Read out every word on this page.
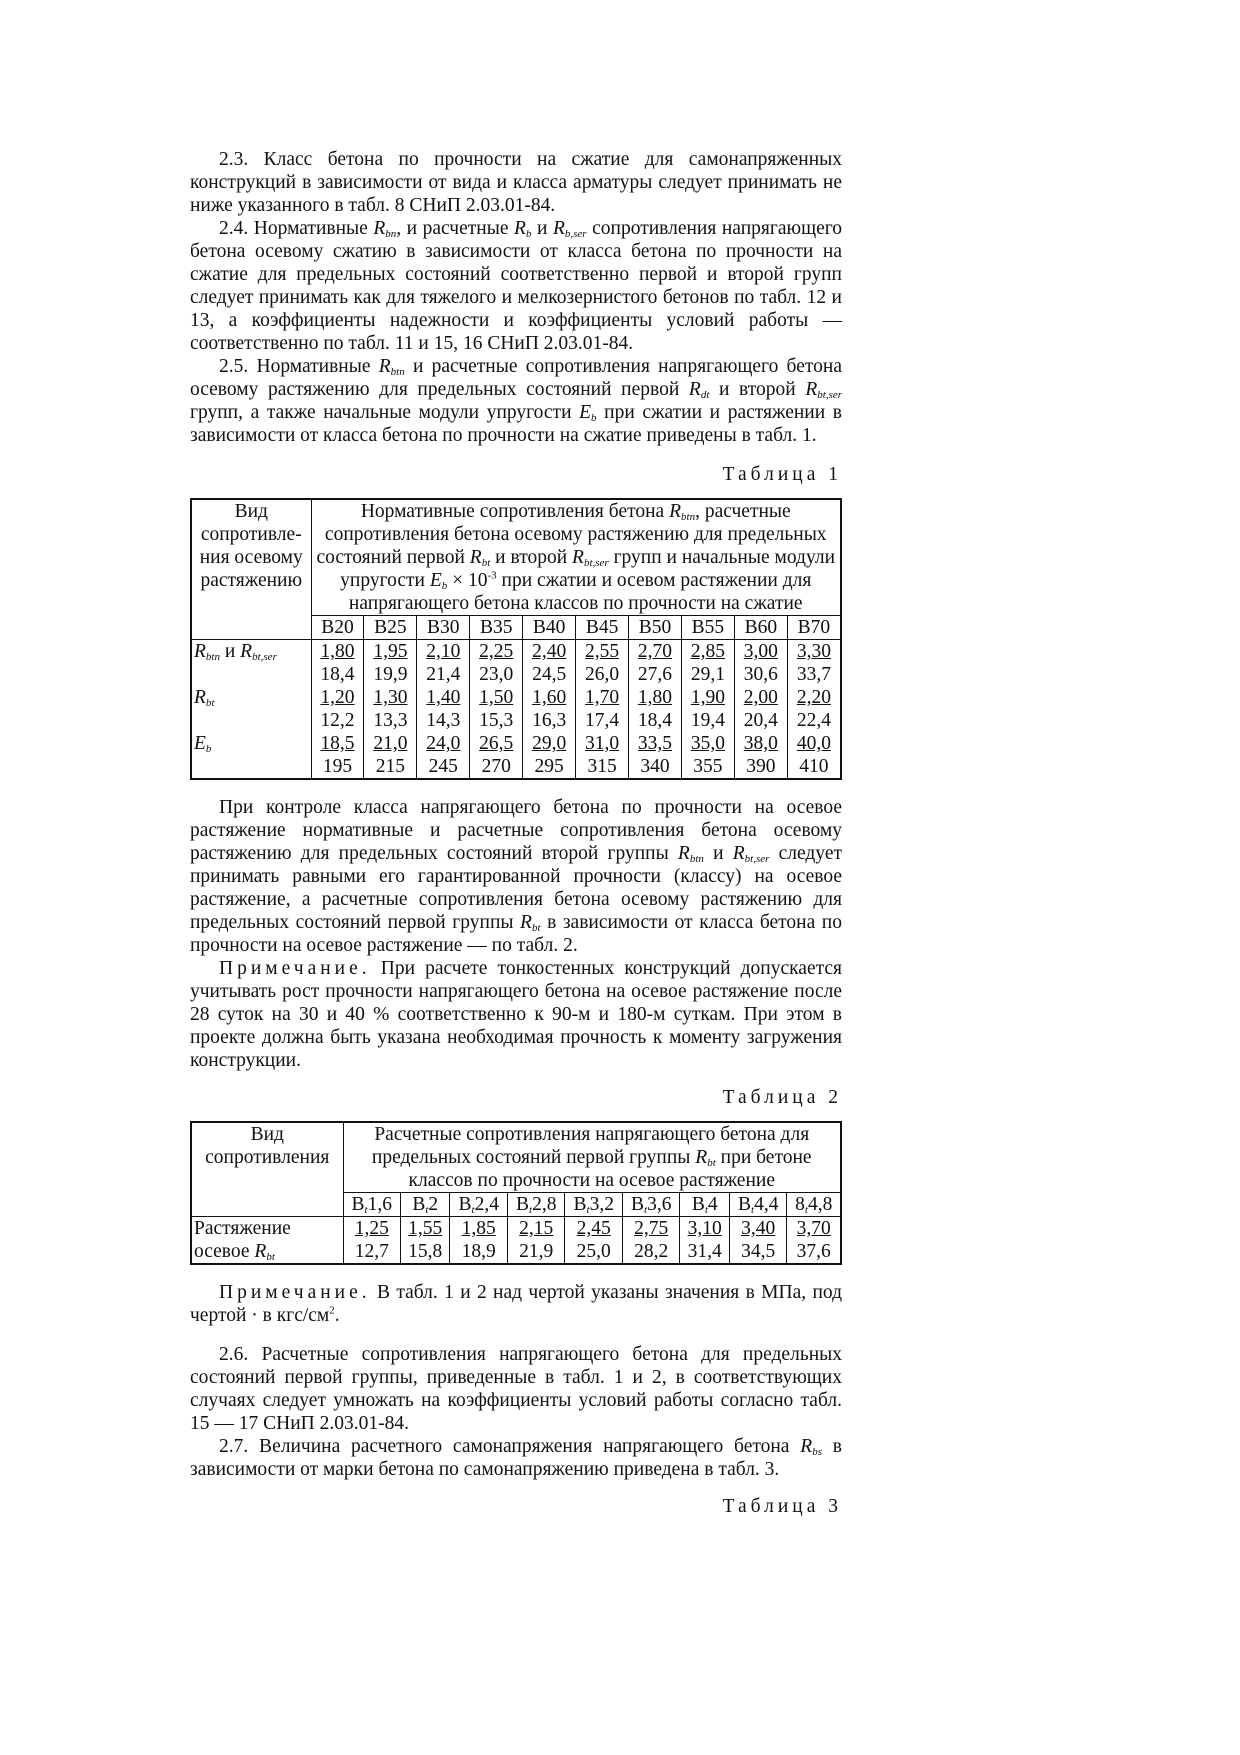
2.3. Класс бетона по прочности на сжатие для самонапряженных конструкций в зависимости от вида и класса арматуры следует принимать не ниже указанного в табл. 8 СНиП 2.03.01-84.

2.4. Нормативные $R_{bn}$, и расчетные $R_b$ и $R_{b,ser}$ сопротивления напрягающего бетона осевому сжатию в зависимости от класса бетона по прочности на сжатие для предельных состояний соответственно первой и второй групп следует принимать как для тяжелого и мелкозернистого бетонов по табл. 12 и 13, а коэффициенты надежности и коэффициенты условий работы — соответственно по табл. 11 и 15, 16 СНиП 2.03.01-84.

2.5. Нормативные $R_{btn}$ и расчетные сопротивления напрягающего бетона осевому растяжению для предельных состояний первой $R_{dt}$ и второй $R_{bt,ser}$ групп, а также начальные модули упругости $E_b$ при сжатии и растяжении в зависимости от класса бетона по прочности на сжатие приведены в табл. 1.

Таблица 1
Вид сопротивле-ния осевому растяжению	Нормативные сопротивления бетона $R_{btn}$, расчетные сопротивления бетона осевому растяжению для предельных состояний первой $R_{bt}$ и второй $R_{bt,ser}$ групп и начальные модули упругости $E_b \times 10^{-3}$ при сжатии и осевом растяжении для напрягающего бетона классов по прочности на сжатие									
	B20	B25	B30	B35	B40	B45	B50	B55	B60	B70
$R_{btn}$ и $R_{bt,ser}$	1,80	1,95	2,10	2,25	2,40	2,55	2,70	2,85	3,00	3,30
	18,4	19,9	21,4	23,0	24,5	26,0	27,6	29,1	30,6	33,7
$R_{bt}$	1,20	1,30	1,40	1,50	1,60	1,70	1,80	1,90	2,00	2,20
	12,2	13,3	14,3	15,3	16,3	17,4	18,4	19,4	20,4	22,4
$E_b$	18,5	21,0	24,0	26,5	29,0	31,0	33,5	35,0	38,0	40,0
	195	215	245	270	295	315	340	355	390	410

При контроле класса напрягающего бетона по прочности на осевое растяжение нормативные и расчетные сопротивления бетона осевому растяжению для предельных состояний второй группы $R_{btn}$ и $R_{bt,ser}$ следует принимать равными его гарантированной прочности (классу) на осевое растяжение, а расчетные сопротивления бетона осевому растяжению для предельных состояний первой группы $R_{bt}$ в зависимости от класса бетона по прочности на осевое растяжение — по табл. 2.

Примечание. При расчете тонкостенных конструкций допускается учитывать рост прочности напрягающего бетона на осевое растяжение после 28 суток на 30 и 40 % соответственно к 90-м и 180-м суткам. При этом в проекте должна быть указана необходимая прочность к моменту загружения конструкции.

Таблица 2
Вид сопротивления	Расчетные сопротивления напрягающего бетона для предельных состояний первой группы $R_{bt}$ при бетоне классов по прочности на осевое растяжение								
	$B_t1,6$	$B_t2$	$B_t2,4$	$B_t2,8$	$B_t3,2$	$B_t3,6$	$B_t4$	$B_t4,4$	$8_t4,8$
Растяжение	1,25	1,55	1,85	2,15	2,45	2,75	3,10	3,40	3,70
осевое $R_{bt}$	12,7	15,8	18,9	21,9	25,0	28,2	31,4	34,5	37,6

Примечание. В табл. 1 и 2 над чертой указаны значения в МПа, под чертой · в кгс/$см^2$.

2.6. Расчетные сопротивления напрягающего бетона для предельных состояний первой группы, приведенные в табл. 1 и 2, в соответствующих случаях следует умножать на коэффициенты условий работы согласно табл. 15 — 17 СНиП 2.03.01-84.

2.7. Величина расчетного самонапряжения напрягающего бетона $R_{bs}$ в зависимости от марки бетона по самонапряжению приведена в табл. 3.

Таблица 3
